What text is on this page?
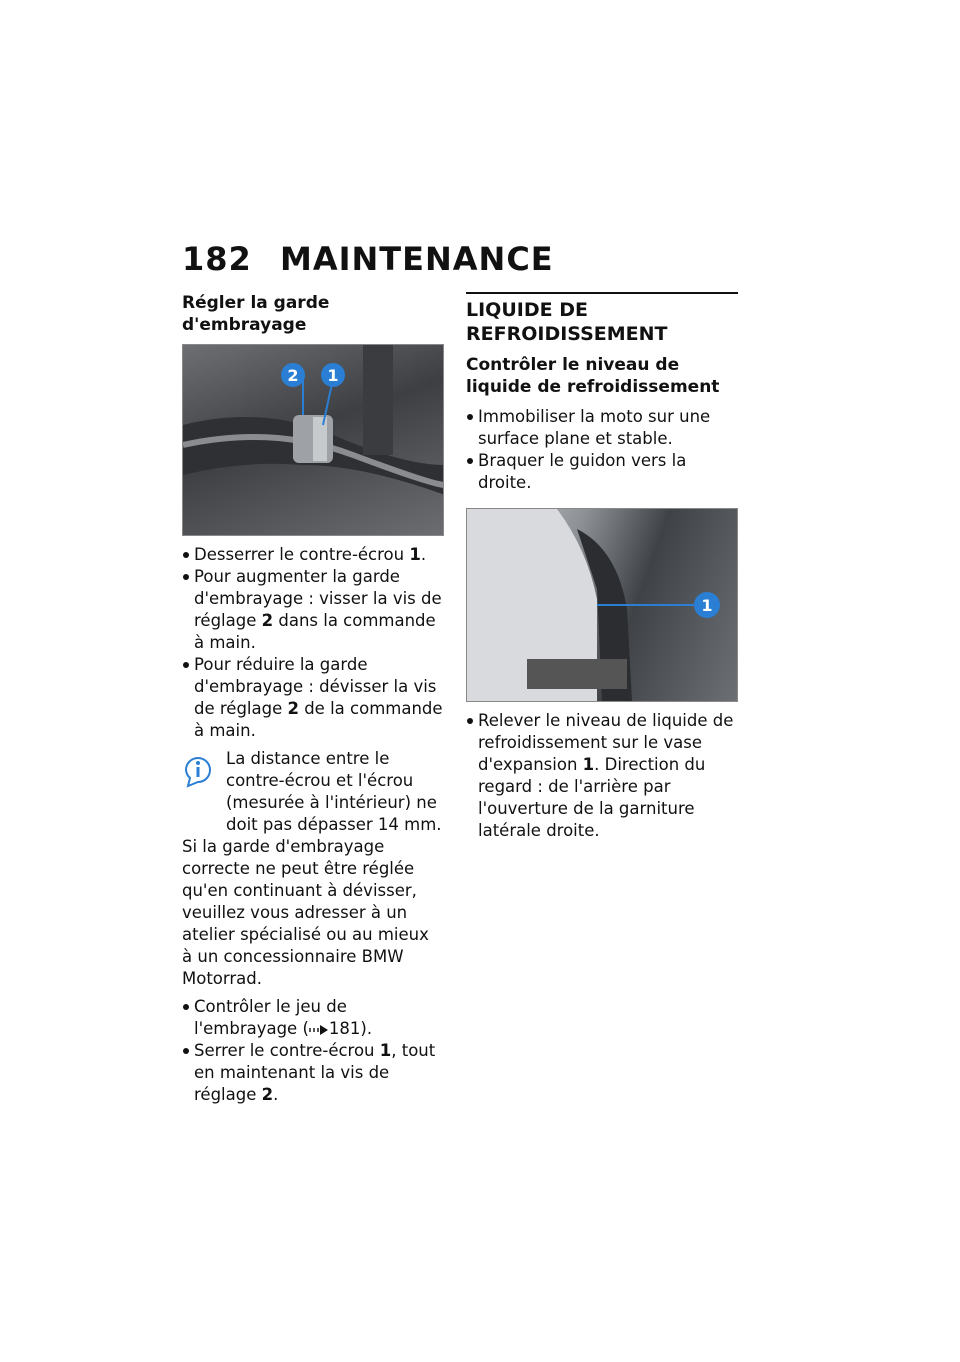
182 MAINTENANCE
Régler la garde d'embrayage
2 1
Desserrer le contre-écrou 1.
Pour augmenter la garde d'embrayage : visser la vis de réglage 2 dans la commande à main.
Pour réduire la garde d'embrayage : dévisser la vis de réglage 2 de la commande à main.
La distance entre le contre-écrou et l'écrou (mesurée à l'intérieur) ne doit pas dépasser 14 mm.
Si la garde d'embrayage correcte ne peut être réglée qu'en continuant à dévisser, veuillez vous adresser à un atelier spécialisé ou au mieux à un concessionnaire BMW Motorrad.
Contrôler le jeu de l'embrayage ( 181).
Serrer le contre-écrou 1, tout en maintenant la vis de réglage 2.
LIQUIDE DE REFROIDISSEMENT
Contrôler le niveau de liquide de refroidissement
Immobiliser la moto sur une surface plane et stable.
Braquer le guidon vers la droite.
1
Relever le niveau de liquide de refroidissement sur le vase d'expansion 1. Direction du regard : de l'arrière par l'ouverture de la garniture latérale droite.
